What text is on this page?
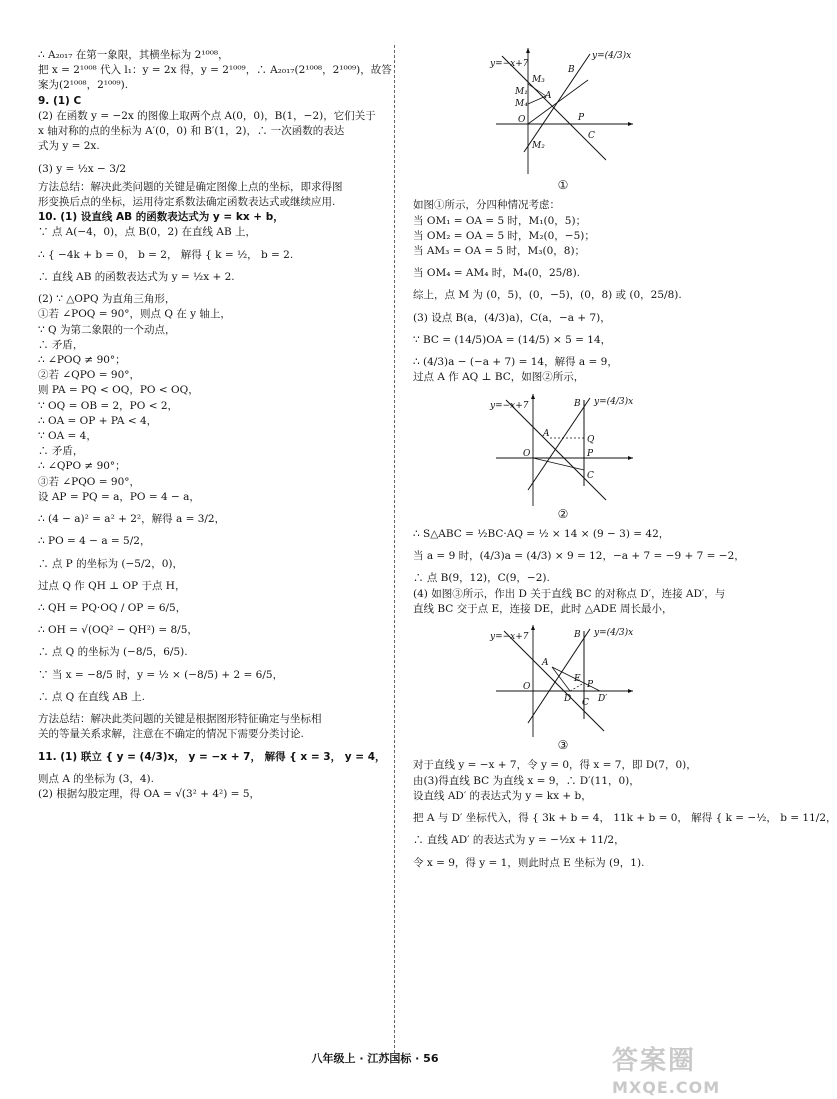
∴ A₂₀₁₇ 在第一象限，其横坐标为 2¹⁰⁰⁸，

把 x = 2¹⁰⁰⁸ 代入 l₁：y = 2x 得，y = 2¹⁰⁰⁹，∴ A₂₀₁₇(2¹⁰⁰⁸，2¹⁰⁰⁹)，故答

案为(2¹⁰⁰⁸，2¹⁰⁰⁹).

9. (1) C

(2) 在函数 y = −2x 的图像上取两个点 A(0，0)，B(1，−2)，它们关于

x 轴对称的点的坐标为 A′(0，0) 和 B′(1，2)，∴ 一次函数的表达

式为 y = 2x.

(3) y = ½x − 3/2

方法总结：解决此类问题的关键是确定图像上点的坐标，即求得图

形变换后点的坐标，运用待定系数法确定函数表达式或继续应用.

10. (1) 设直线 AB 的函数表达式为 y = kx + b，

∵ 点 A(−4，0)，点 B(0，2) 在直线 AB 上，

∴ { −4k + b = 0， b = 2， 解得 { k = ½， b = 2.

∴ 直线 AB 的函数表达式为 y = ½x + 2.

(2) ∵ △OPQ 为直角三角形，

①若 ∠POQ = 90°，则点 Q 在 y 轴上，

∵ Q 为第二象限的一个动点，

∴ 矛盾，

∴ ∠POQ ≠ 90°；

②若 ∠QPO = 90°，

则 PA = PQ < OQ，PO < OQ，

∵ OQ = OB = 2，PO < 2，

∴ OA = OP + PA < 4，

∵ OA = 4，

∴ 矛盾，

∴ ∠QPO ≠ 90°；

③若 ∠PQO = 90°，

设 AP = PQ = a，PO = 4 − a，

∴ (4 − a)² = a² + 2²，解得 a = 3/2，

∴ PO = 4 − a = 5/2，

∴ 点 P 的坐标为 (−5/2，0)，

过点 Q 作 QH ⊥ OP 于点 H，

∴ QH = PQ·OQ / OP = 6/5，

∴ OH = √(OQ² − QH²) = 8/5，

∴ 点 Q 的坐标为 (−8/5，6/5).

∵ 当 x = −8/5 时，y = ½ × (−8/5) + 2 = 6/5，

∴ 点 Q 在直线 AB 上.

方法总结：解决此类问题的关键是根据图形特征确定与坐标相

关的等量关系求解，注意在不确定的情况下需要分类讨论.

11. (1) 联立 { y = (4/3)x， y = −x + 7， 解得 { x = 3， y = 4，

则点 A 的坐标为 (3，4).

(2) 根据勾股定理，得 OA = √(3² + 4²) = 5，

y=−x+7
y=(4/3)x
B
M₃
M₁ A
M₄
O	P
C
M₂

①

如图①所示，分四种情况考虑：

当 OM₁ = OA = 5 时，M₁(0，5)；

当 OM₂ = OA = 5 时，M₂(0，−5)；

当 AM₃ = OA = 5 时，M₃(0，8)；

当 OM₄ = AM₄ 时，M₄(0，25/8).

综上，点 M 为 (0，5)，(0，−5)，(0，8) 或 (0，25/8).

(3) 设点 B(a，(4/3)a)，C(a，−a + 7)，

∵ BC = (14/5)OA = (14/5) × 5 = 14，

∴ (4/3)a − (−a + 7) = 14，解得 a = 9，

过点 A 作 AQ ⊥ BC，如图②所示，

y=−x+7	y=(4/3)x
B
A
Q
O	P
C

②

∴ S△ABC = ½BC·AQ = ½ × 14 × (9 − 3) = 42，

当 a = 9 时，(4/3)a = (4/3) × 9 = 12，−a + 7 = −9 + 7 = −2，

∴ 点 B(9，12)，C(9，−2).

(4) 如图③所示，作出 D 关于直线 BC 的对称点 D′，连接 AD′，与

直线 BC 交于点 E，连接 DE，此时 △ADE 周长最小，

y=−x+7	y=(4/3)x
B
A
E
P
O
D C D′

③

对于直线 y = −x + 7，令 y = 0，得 x = 7，即 D(7，0)，

由(3)得直线 BC 为直线 x = 9，∴ D′(11，0)，

设直线 AD′ 的表达式为 y = kx + b，

把 A 与 D′ 坐标代入，得 { 3k + b = 4， 11k + b = 0， 解得 { k = −½， b = 11/2，

∴ 直线 AD′ 的表达式为 y = −½x + 11/2，

令 x = 9，得 y = 1，则此时点 E 坐标为 (9，1).

八年级上 · 江苏国标 · 56	答案圈
MXQE.COM
